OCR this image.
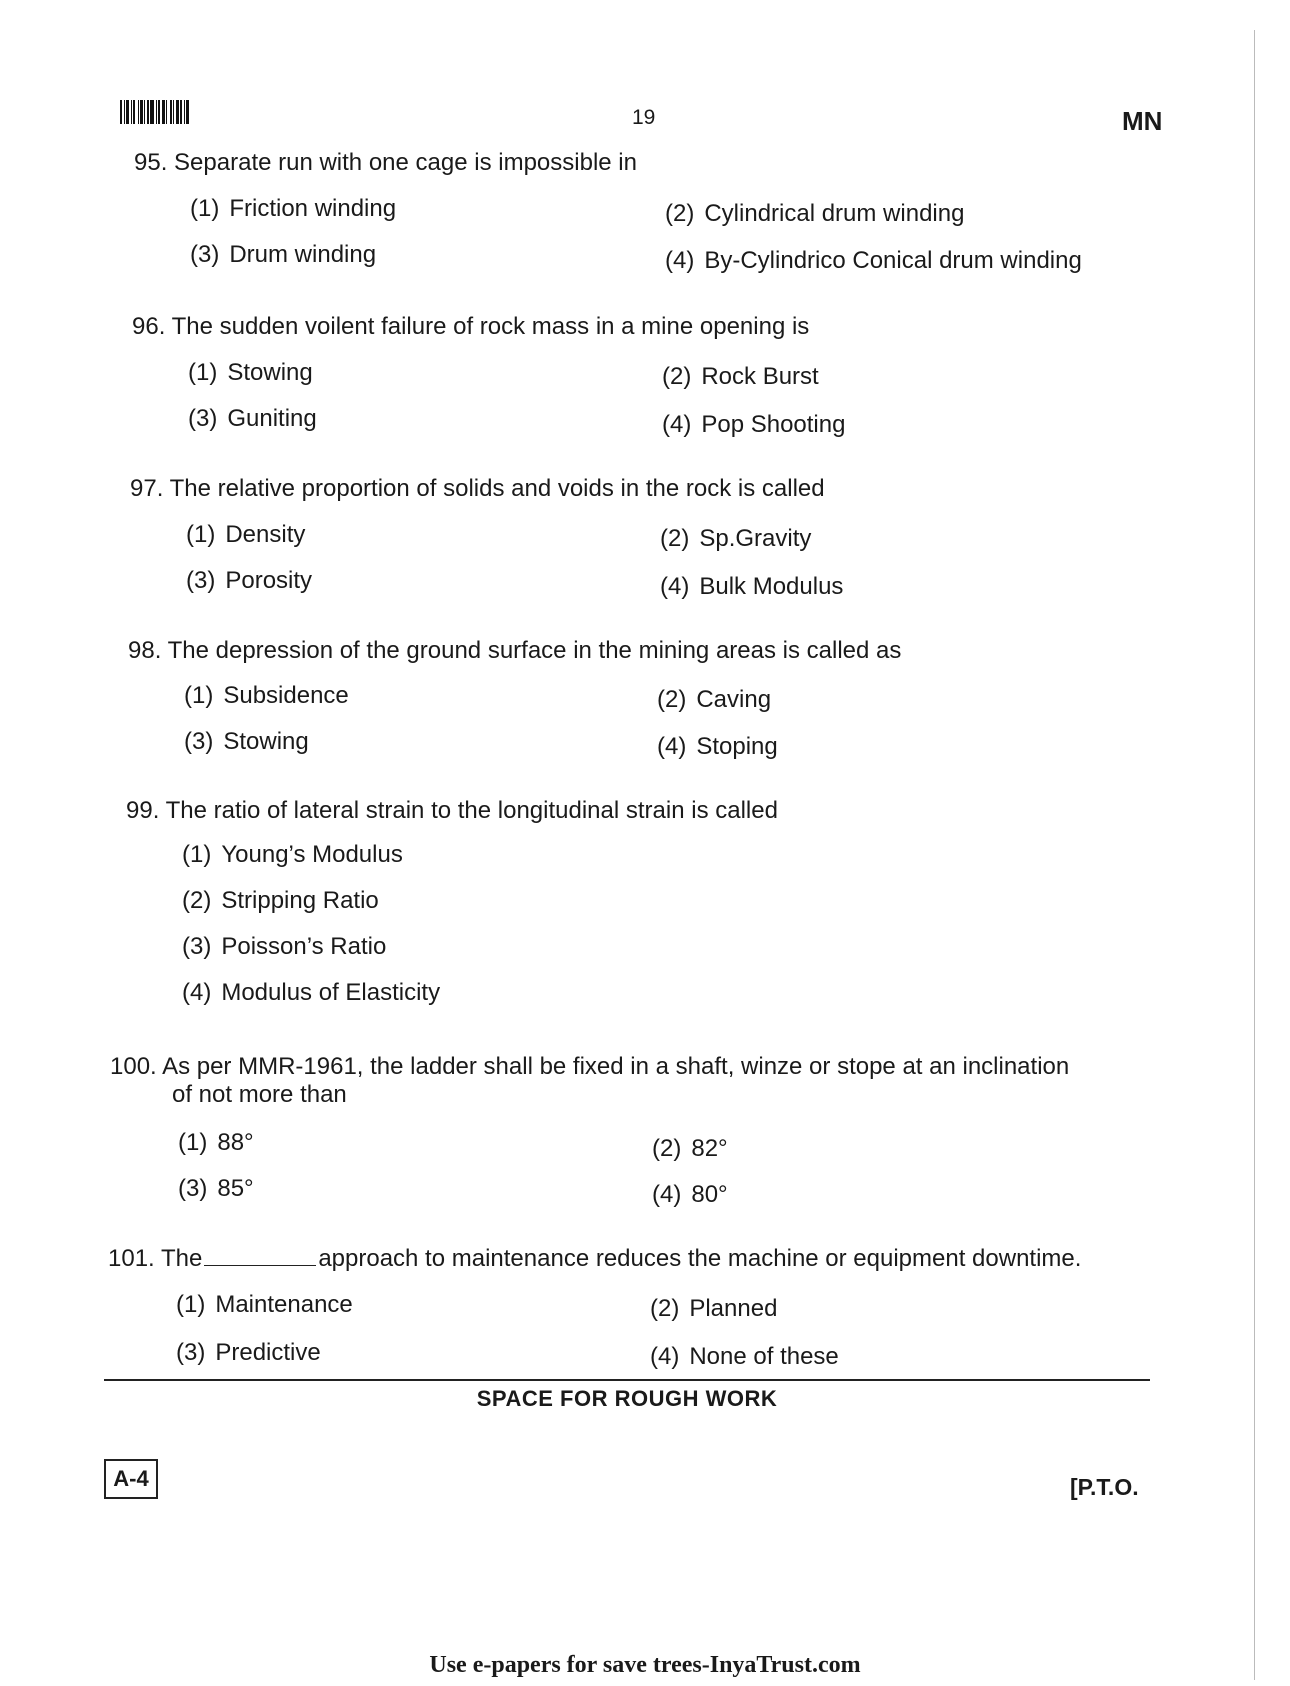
19	MN
95. Separate run with one cage is impossible in
(1) Friction winding	(2) Cylindrical drum winding
(3) Drum winding	(4) By-Cylindrico Conical drum winding
96. The sudden voilent failure of rock mass in a mine opening is
(1) Stowing	(2) Rock Burst
(3) Guniting	(4) Pop Shooting
97. The relative proportion of solids and voids in the rock is called
(1) Density	(2) Sp.Gravity
(3) Porosity	(4) Bulk Modulus
98. The depression of the ground surface in the mining areas is called as
(1) Subsidence	(2) Caving
(3) Stowing	(4) Stoping
99. The ratio of lateral strain to the longitudinal strain is called
(1) Young’s Modulus
(2) Stripping Ratio
(3) Poisson’s Ratio
(4) Modulus of Elasticity
100. As per MMR-1961, the ladder shall be fixed in a shaft, winze or stope at an inclination
of not more than
(1) 88°	(2) 82°
(3) 85°	(4) 80°
101. The	approach to maintenance reduces the machine or equipment downtime.
(1) Maintenance	(2) Planned
(3) Predictive	(4) None of these
SPACE FOR ROUGH WORK
A-4	[P.T.O.
Use e-papers for save trees-InyaTrust.com
